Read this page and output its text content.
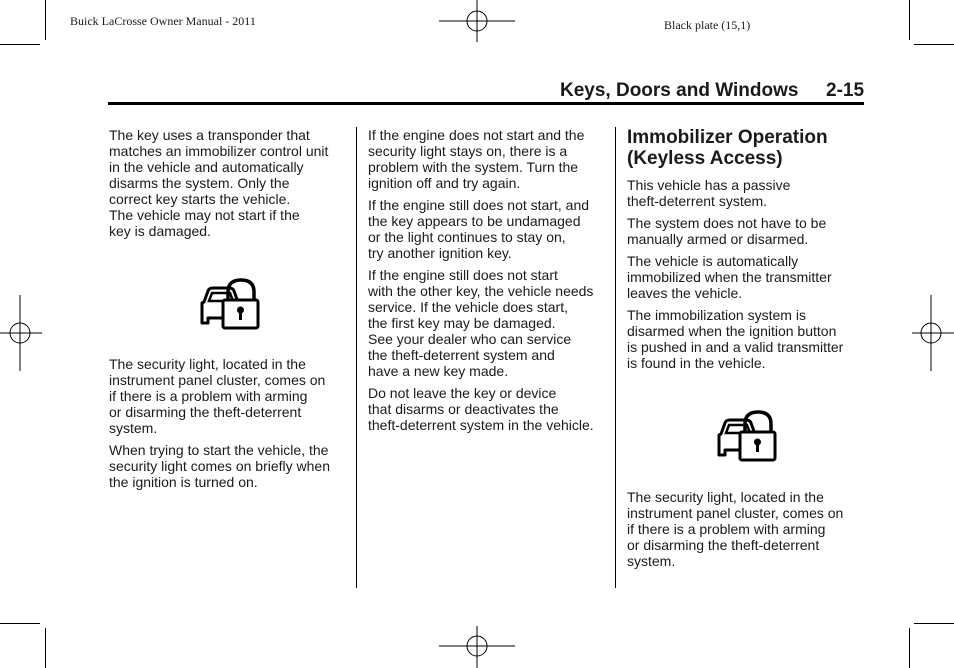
Buick LaCrosse Owner Manual - 2011	Black plate (15,1)
Keys, Doors and Windows 2-15

The key uses a transponder that
matches an immobilizer control unit
in the vehicle and automatically
disarms the system. Only the
correct key starts the vehicle.
The vehicle may not start if the
key is damaged.

The security light, located in the
instrument panel cluster, comes on
if there is a problem with arming
or disarming the theft-deterrent
system.

When trying to start the vehicle, the
security light comes on briefly when
the ignition is turned on.

If the engine does not start and the
security light stays on, there is a
problem with the system. Turn the
ignition off and try again.

If the engine still does not start, and
the key appears to be undamaged
or the light continues to stay on,
try another ignition key.

If the engine still does not start
with the other key, the vehicle needs
service. If the vehicle does start,
the first key may be damaged.
See your dealer who can service
the theft-deterrent system and
have a new key made.

Do not leave the key or device
that disarms or deactivates the
theft-deterrent system in the vehicle.

Immobilizer Operation
(Keyless Access)

This vehicle has a passive
theft-deterrent system.

The system does not have to be
manually armed or disarmed.

The vehicle is automatically
immobilized when the transmitter
leaves the vehicle.

The immobilization system is
disarmed when the ignition button
is pushed in and a valid transmitter
is found in the vehicle.

The security light, located in the
instrument panel cluster, comes on
if there is a problem with arming
or disarming the theft-deterrent
system.
